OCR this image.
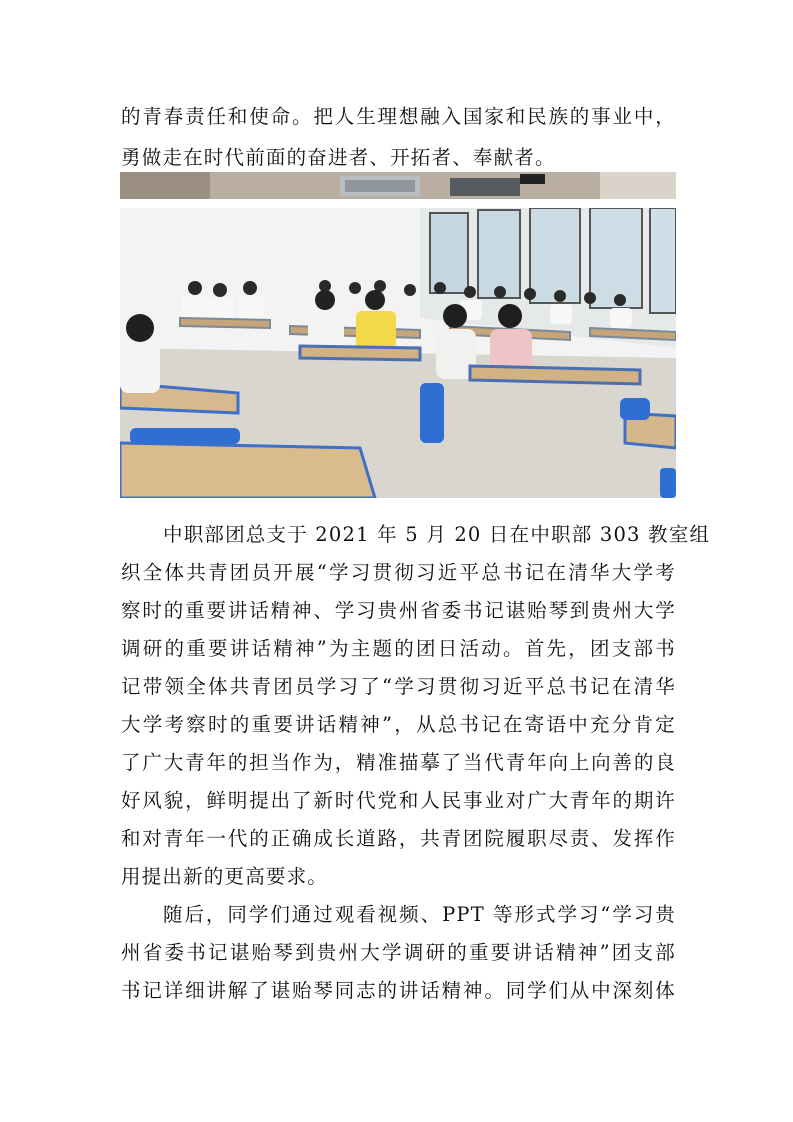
的青春责任和使命。把人生理想融入国家和民族的事业中，
勇做走在时代前面的奋进者、开拓者、奉献者。
中职部团总支于 2021 年 5 月 20 日在中职部 303 教室组
织全体共青团员开展“学习贯彻习近平总书记在清华大学考
察时的重要讲话精神、学习贵州省委书记谌贻琴到贵州大学
调研的重要讲话精神”为主题的团日活动。首先，团支部书
记带领全体共青团员学习了“学习贯彻习近平总书记在清华
大学考察时的重要讲话精神”，从总书记在寄语中充分肯定
了广大青年的担当作为，精准描摹了当代青年向上向善的良
好风貌，鲜明提出了新时代党和人民事业对广大青年的期许
和对青年一代的正确成长道路，共青团院履职尽责、发挥作
用提出新的更高要求。
随后，同学们通过观看视频、PPT 等形式学习“学习贵
州省委书记谌贻琴到贵州大学调研的重要讲话精神”团支部
书记详细讲解了谌贻琴同志的讲话精神。同学们从中深刻体
